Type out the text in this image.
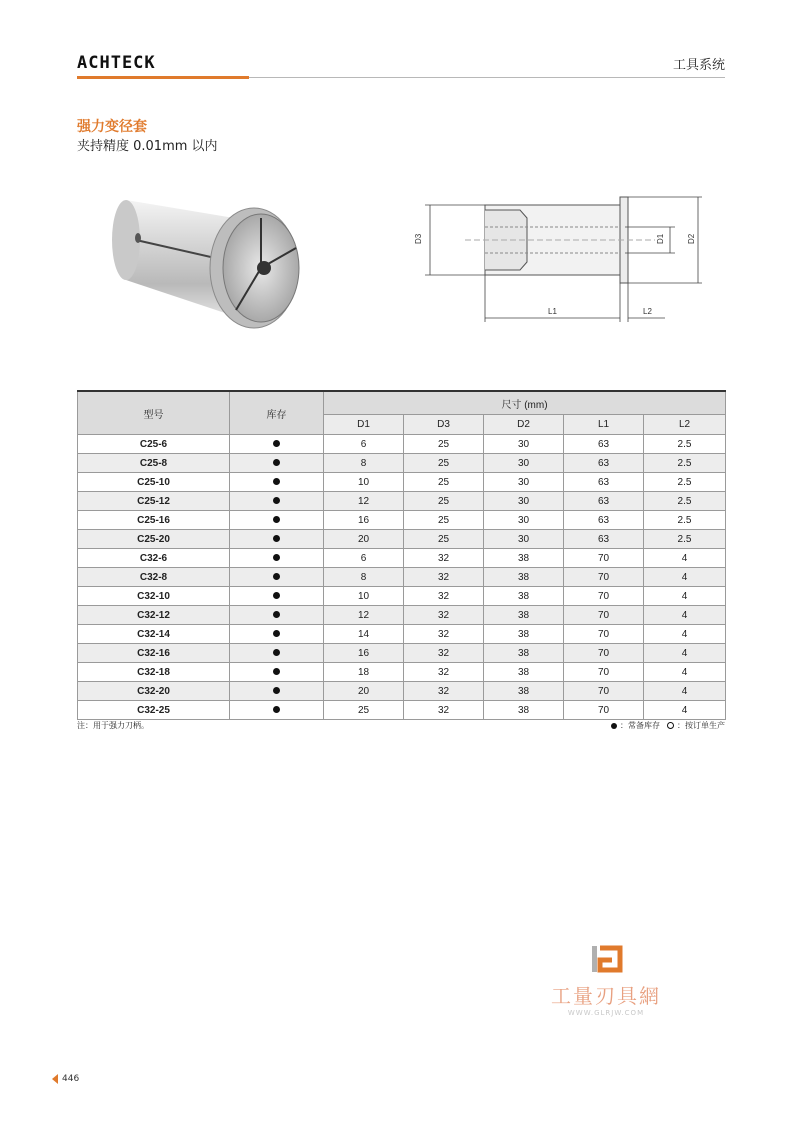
ACHTECK	工具系统
强力变径套
夹持精度 0.01mm 以内
D3	D1	D2
L1	L2
型号	库存	尺寸 (mm)				
		D1	D3	D2	L1	L2
C25-6		6	25	30	63	2.5
C25-8		8	25	30	63	2.5
C25-10		10	25	30	63	2.5
C25-12		12	25	30	63	2.5
C25-16		16	25	30	63	2.5
C25-20		20	25	30	63	2.5
C32-6		6	32	38	70	4
C32-8		8	32	38	70	4
C32-10		10	32	38	70	4
C32-12		12	32	38	70	4
C32-14		14	32	38	70	4
C32-16		16	32	38	70	4
C32-18		18	32	38	70	4
C32-20		20	32	38	70	4
C32-25		25	32	38	70	4
注：用于强力刀柄。	：常备库存 ：按订单生产
工量刃具網
WWW.GLRJW.COM
446
